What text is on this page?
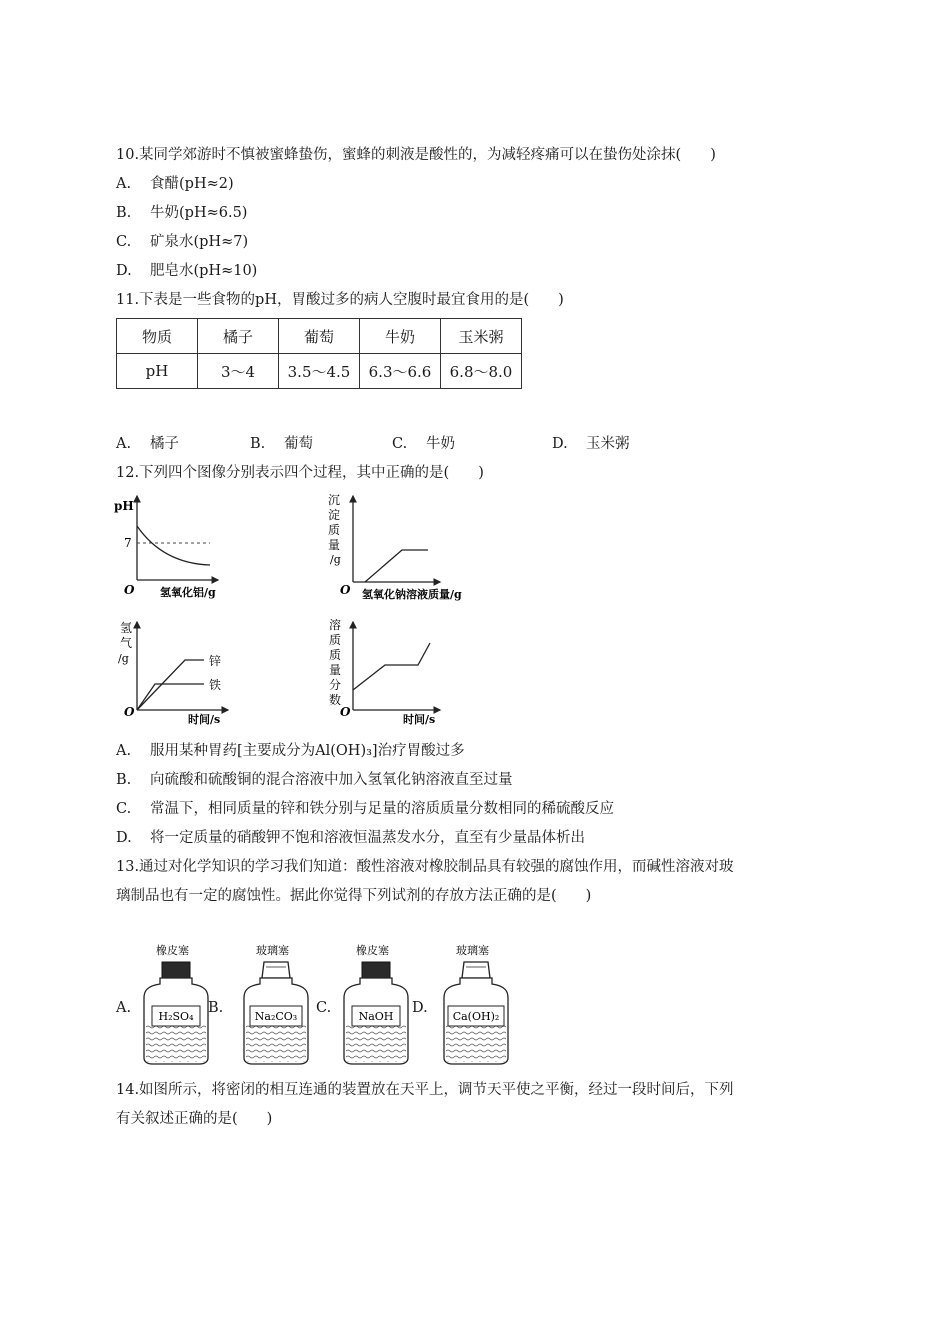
10.某同学郊游时不慎被蜜蜂蛰伤，蜜蜂的刺液是酸性的，为减轻疼痛可以在蛰伤处涂抹(　　)
A. 食醋(pH≈2)
B. 牛奶(pH≈6.5)
C. 矿泉水(pH≈7)
D. 肥皂水(pH≈10)
11.下表是一些食物的pH，胃酸过多的病人空腹时最宜食用的是(　　)
物质	橘子	葡萄	牛奶	玉米粥
pH	3～4	3.5～4.5	6.3～6.6	6.8～8.0
A. 橘子	B. 葡萄	C. 牛奶	D. 玉米粥
12.下列四个图像分别表示四个过程，其中正确的是(　　)
pH
7
O 氢氧化铝/g
沉
淀
质
量
/g
O 氢氧化钠溶液质量/g
氢
气
/g	锌
铁
O
时间/s
溶
质
质
量
分
数
O
时间/s
A. 服用某种胃药[主要成分为Al(OH)₃]治疗胃酸过多
B. 向硫酸和硫酸铜的混合溶液中加入氢氧化钠溶液直至过量
C. 常温下，相同质量的锌和铁分别与足量的溶质质量分数相同的稀硫酸反应
D. 将一定质量的硝酸钾不饱和溶液恒温蒸发水分，直至有少量晶体析出
13.通过对化学知识的学习我们知道：酸性溶液对橡胶制品具有较强的腐蚀作用，而碱性溶液对玻
璃制品也有一定的腐蚀性。据此你觉得下列试剂的存放方法正确的是(　　)
A.	B.	C.	D.
橡皮塞
H₂SO₄
玻璃塞
Na₂CO₃
橡皮塞
NaOH
玻璃塞
Ca(OH)₂
14.如图所示，将密闭的相互连通的装置放在天平上，调节天平使之平衡，经过一段时间后，下列
有关叙述正确的是(　　)
